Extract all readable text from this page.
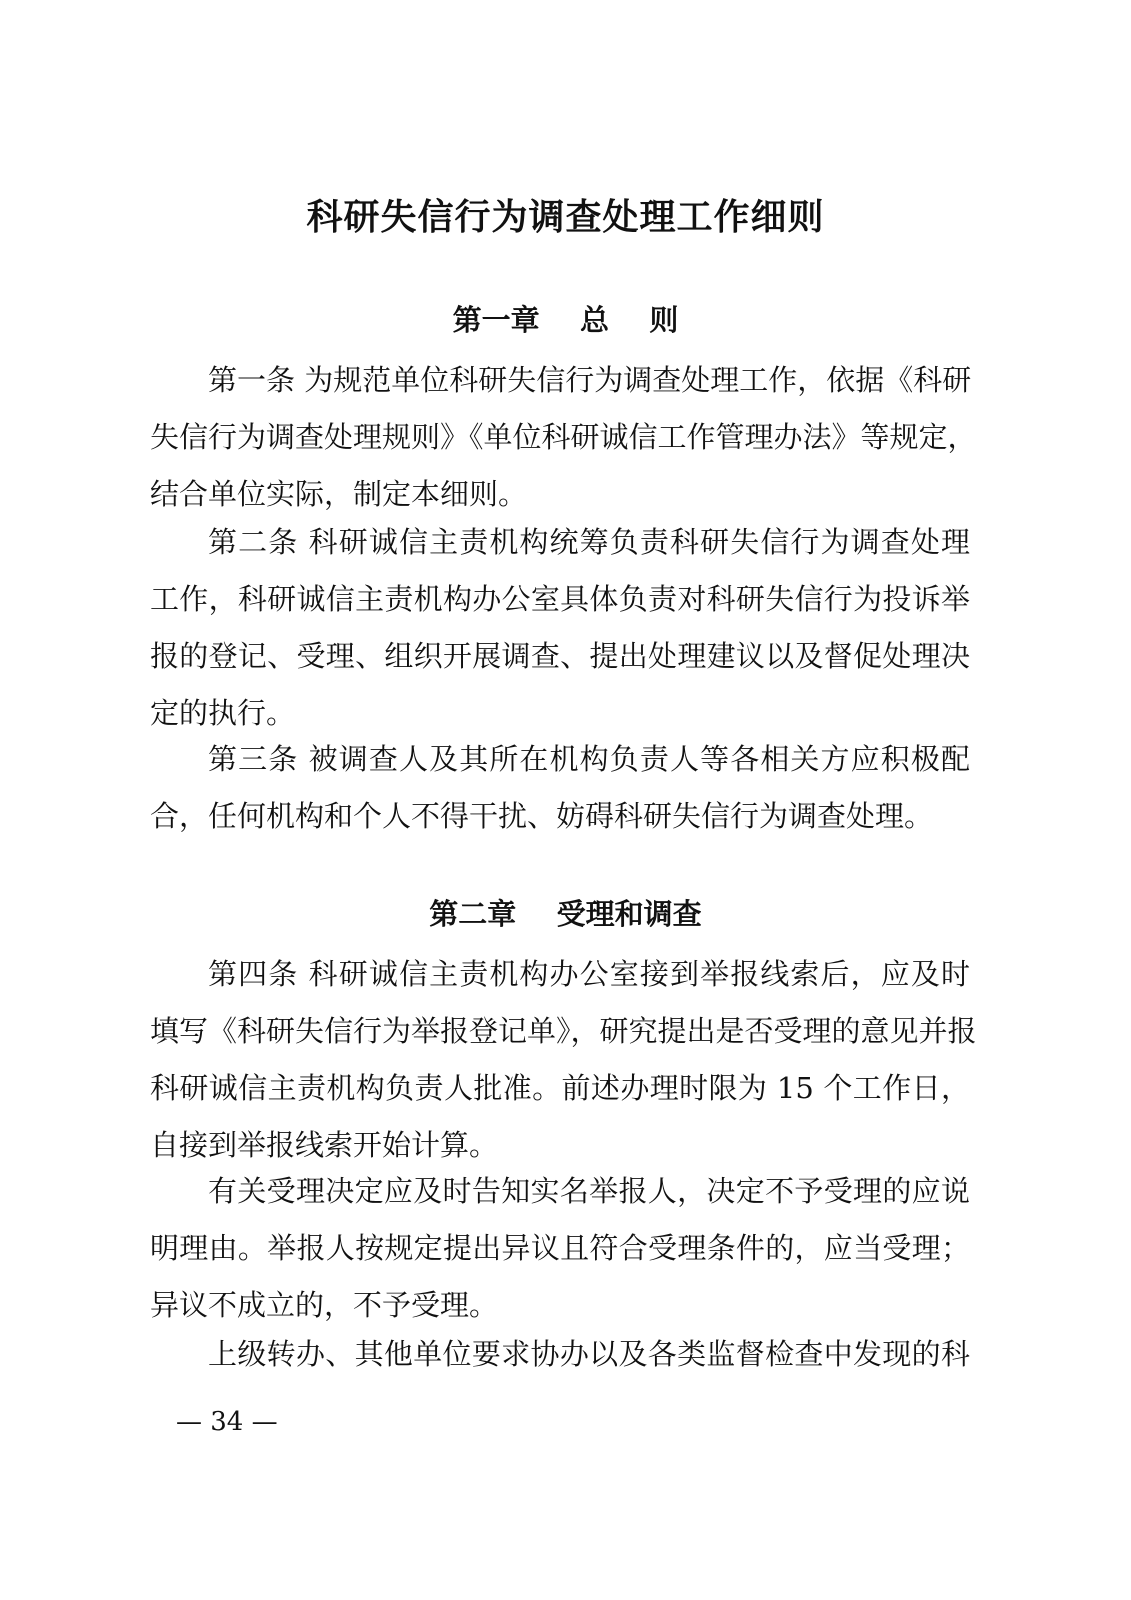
科研失信行为调查处理工作细则
第一章    总    则

第一条 为规范单位科研失信行为调查处理工作，依据《科研
失信行为调查处理规则》《单位科研诚信工作管理办法》等规定，
结合单位实际，制定本细则。

第二条 科研诚信主责机构统筹负责科研失信行为调查处理
工作，科研诚信主责机构办公室具体负责对科研失信行为投诉举
报的登记、受理、组织开展调查、提出处理建议以及督促处理决
定的执行。

第三条 被调查人及其所在机构负责人等各相关方应积极配
合，任何机构和个人不得干扰、妨碍科研失信行为调查处理。

第二章    受理和调查

第四条 科研诚信主责机构办公室接到举报线索后，应及时
填写《科研失信行为举报登记单》，研究提出是否受理的意见并报
科研诚信主责机构负责人批准。前述办理时限为 15 个工作日，
自接到举报线索开始计算。

有关受理决定应及时告知实名举报人，决定不予受理的应说
明理由。举报人按规定提出异议且符合受理条件的，应当受理；
异议不成立的，不予受理。

上级转办、其他单位要求协办以及各类监督检查中发现的科

— 34 —
